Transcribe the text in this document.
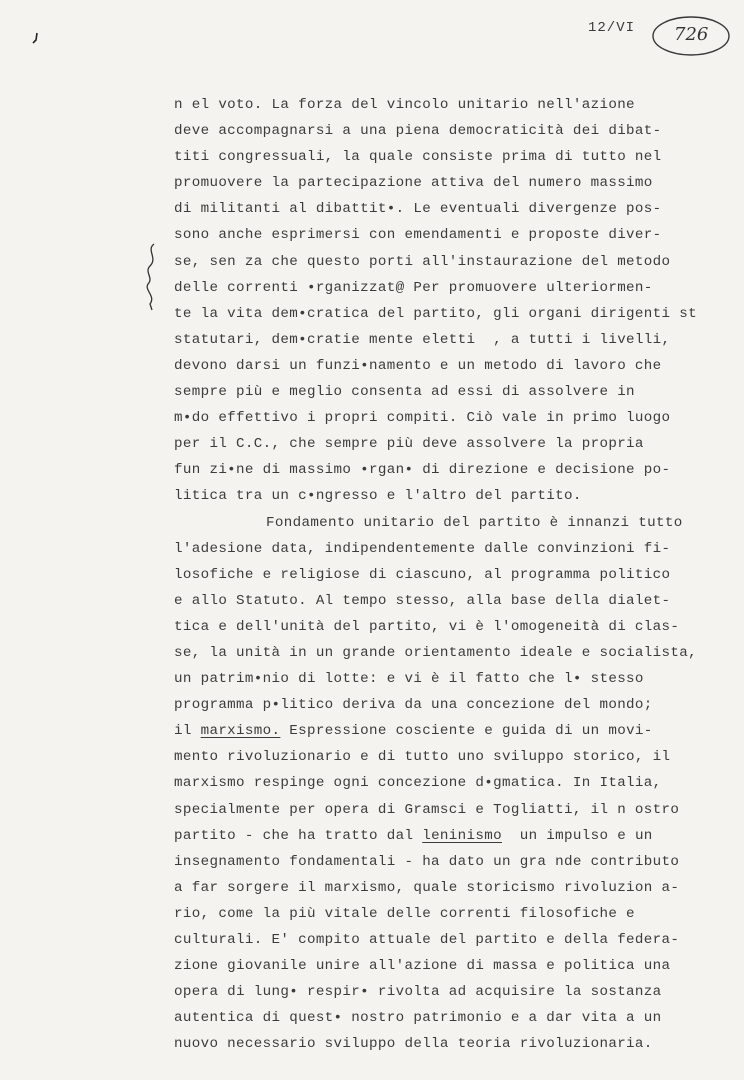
12/VI 726
n el voto. La forza del vincolo unitario nell'azione
deve accompagnarsi a una piena democraticità dei dibat-
titi congressuali, la quale consiste prima di tutto nel
promuovere la partecipazione attiva del numero massimo
di militanti al dibattit•. Le eventuali divergenze pos-
sono anche esprimersi con emendamenti e proposte diver-
se, sen za che questo porti all'instaurazione del metodo
delle correnti •rganizzat@ Per promuovere ulteriormen-
te la vita dem•cratica del partito, gli organi dirigenti st
statutari, dem•cratie mente eletti  , a tutti i livelli,
devono darsi un funzi•namento e un metodo di lavoro che
sempre più e meglio consenta ad essi di assolvere in
m•do effettivo i propri compiti. Ciò vale in primo luogo
per il C.C., che sempre più deve assolvere la propria
fun zi•ne di massimo •rgan• di direzione e decisione po-
litica tra un c•ngresso e l'altro del partito.
Fondamento unitario del partito è innanzi tutto
l'adesione data, indipendentemente dalle convinzioni fi-
losofiche e religiose di ciascuno, al programma politico
e allo Statuto. Al tempo stesso, alla base della dialet-
tica e dell'unità del partito, vi è l'omogeneità di clas-
se, la unità in un grande orientamento ideale e socialista,
un patrim•nio di lotte: e vi è il fatto che l• stesso
programma p•litico deriva da una concezione del mondo;
il marxismo. Espressione cosciente e guida di un movi-
mento rivoluzionario e di tutto uno sviluppo storico, il
marxismo respinge ogni concezione d•gmatica. In Italia,
specialmente per opera di Gramsci e Togliatti, il n ostro
partito - che ha tratto dal leninismo  un impulso e un
insegnamento fondamentali - ha dato un gra nde contributo
a far sorgere il marxismo, quale storicismo rivoluzion a-
rio, come la più vitale delle correnti filosofiche e
culturali. E' compito attuale del partito e della federa-
zione giovanile unire all'azione di massa e politica una
opera di lung• respir• rivolta ad acquisire la sostanza
autentica di quest• nostro patrimonio e a dar vita a un
nuovo necessario sviluppo della teoria rivoluzionaria.
